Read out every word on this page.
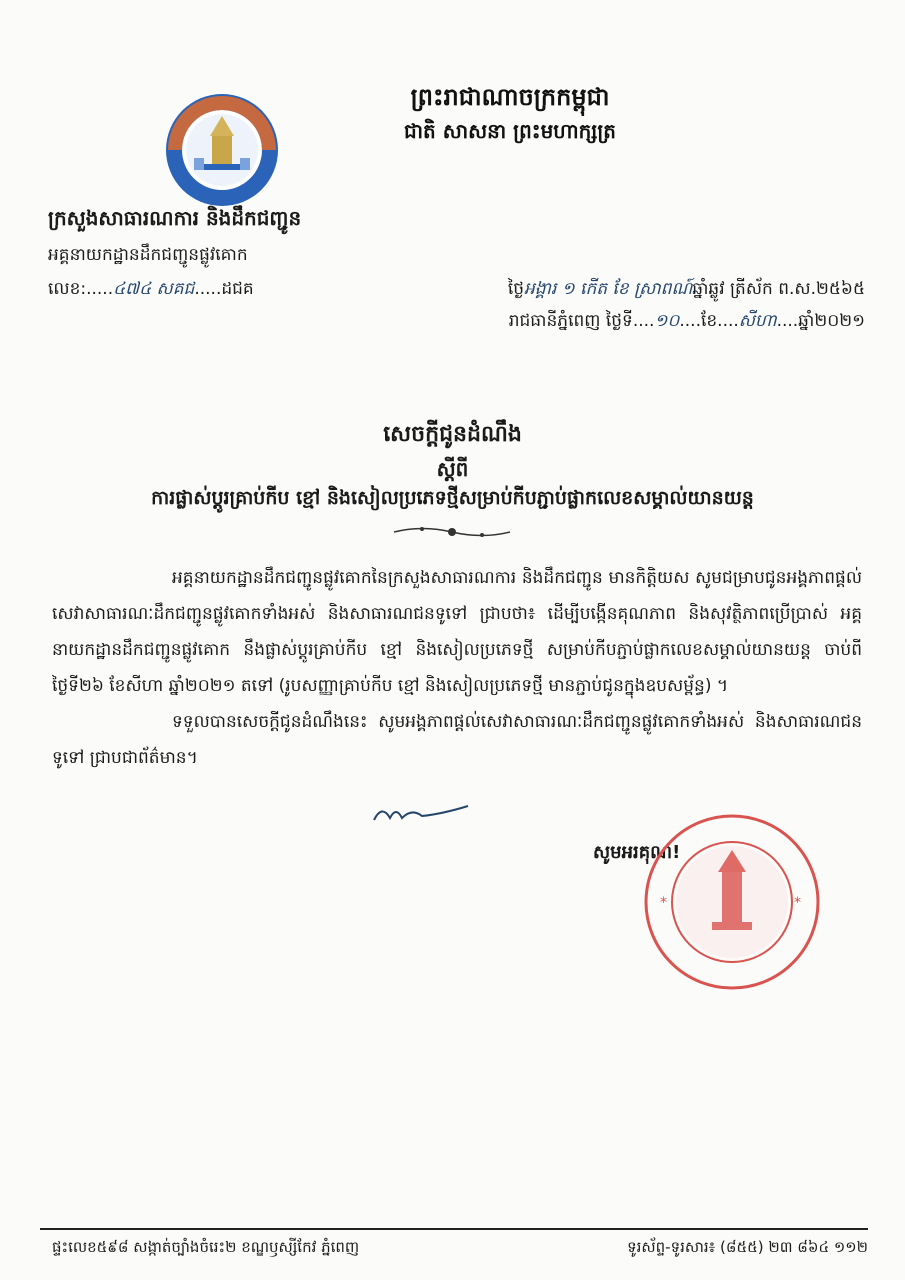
ព្រះរាជាណាចក្រកម្ពុជា
ជាតិ សាសនា ព្រះមហាក្សត្រ
ក្រសួងសាធារណការ និងដឹកជញ្ជូន
អគ្គនាយកដ្ឋានដឹកជញ្ជូនផ្លូវគោក
លេខ:.....៤៧៤ សគជ.....ដជគ	ថ្ងៃអង្គារ ១ កើត ខែ ស្រាពណ៍ឆ្នាំឆ្លូវ ត្រីស័ក ព.ស.២៥៦៥
រាជធានីភ្នំពេញ ថ្ងៃទី....១០....ខែ....សីហា....ឆ្នាំ២០២១
សេចក្តីជូនដំណឹង
ស្តីពី
ការផ្លាស់ប្តូរគ្រាប់កីប ខ្មៅ និងសៀលប្រភេទថ្មីសម្រាប់កីបភ្ជាប់ផ្លាកលេខសម្គាល់យានយន្ត

អគ្គនាយកដ្ឋានដឹកជញ្ជូនផ្លូវគោកនៃក្រសួងសាធារណការ និងដឹកជញ្ជូន មានកិត្តិយស សូមជម្រាបជូនអង្គភាពផ្តល់សេវាសាធារណៈដឹកជញ្ជូនផ្លូវគោកទាំងអស់ និងសាធារណជនទូទៅ ជ្រាបថា៖ ដើម្បីបង្កើនគុណភាព និងសុវត្ថិភាពប្រើប្រាស់ អគ្គនាយកដ្ឋានដឹកជញ្ជូនផ្លូវគោក នឹងផ្លាស់ប្តូរគ្រាប់កីប ខ្មៅ និងសៀលប្រភេទថ្មី សម្រាប់កីបភ្ជាប់ផ្លាកលេខសម្គាល់យានយន្ត ចាប់ពីថ្ងៃទី២៦ ខែសីហា ឆ្នាំ២០២១ តទៅ (រូបសញ្ញាគ្រាប់កីប ខ្មៅ និងសៀលប្រភេទថ្មី មានភ្ជាប់ជូនក្នុងឧបសម្ព័ន្ធ) ។

ទទួលបានសេចក្តីជូនដំណឹងនេះ សូមអង្គភាពផ្តល់សេវាសាធារណៈដឹកជញ្ជូនផ្លូវគោកទាំងអស់ និងសាធារណជនទូទៅ ជ្រាបជាព័ត៌មាន។

សូមអរគុណ!
*	*
ផ្ទះលេខ៥៩៨ សង្កាត់ច្បាំងចំរេះ២ ខណ្ឌឫស្សីកែវ ភ្នំពេញ	ទូរស័ព្ទ-ទូរសារ៖ (៨៥៥) ២៣ ៨៦៤ ១១២
